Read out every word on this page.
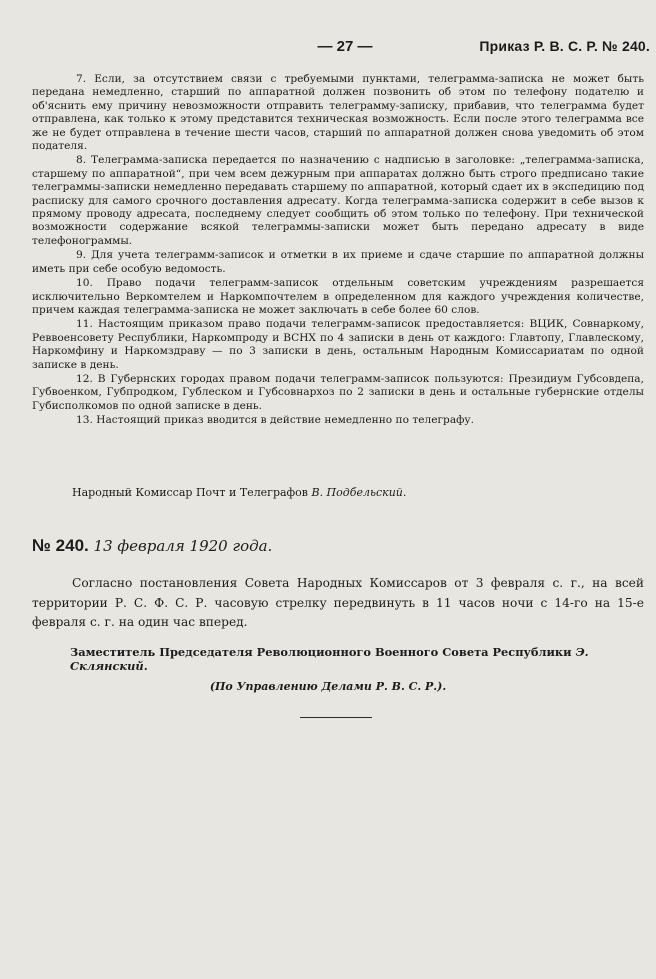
— 27 —	Приказ Р. В. С. Р. № 240.

7. Если, за отсутствием связи с требуемыми пунктами, телеграмма-записка не может быть передана немедленно, старший по аппаратной должен позвонить об этом по телефону подателю и об'яснить ему причину невозможности отправить телеграмму-записку, прибавив, что телеграмма будет отправлена, как только к этому представится техническая возможность. Если после этого телеграмма все же не будет отправлена в течение шести часов, старший по аппаратной должен снова уведомить об этом подателя.

8. Телеграмма-записка передается по назначению с надписью в заголовке: „телеграмма-записка, старшему по аппаратной“, при чем всем дежурным при аппаратах должно быть строго предписано такие телеграммы-записки немедленно передавать старшему по аппаратной, который сдает их в экспедицию под расписку для самого срочного доставления адресату. Когда телеграмма-записка содержит в себе вызов к прямому проводу адресата, последнему следует сообщить об этом только по телефону. При технической возможности содержание всякой телеграммы-записки может быть передано адресату в виде телефонограммы.

9. Для учета телеграмм-записок и отметки в их приеме и сдаче старшие по аппаратной должны иметь при себе особую ведомость.

10. Право подачи телеграмм-записок отдельным советским учреждениям разрешается исключительно Веркомтелем и Наркомпочтелем в определенном для каждого учреждения количестве, причем каждая телеграмма-записка не может заключать в себе более 60 слов.

11. Настоящим приказом право подачи телеграмм-записок предоставляется: ВЦИК, Совнаркому, Реввоенсовету Республики, Наркомпроду и ВСНХ по 4 записки в день от каждого: Главтопу, Главлескому, Наркомфину и Наркомздраву — по 3 записки в день, остальным Народным Комиссариатам по одной записке в день.

12. В Губернских городах правом подачи телеграмм-записок пользуются: Президиум Губсовдепа, Губвоенком, Губпродком, Гублеском и Губсовнархоз по 2 записки в день и остальные губернские отделы Губисполкомов по одной записке в день.

13. Настоящий приказ вводится в действие немедленно по телеграфу.

Народный Комиссар Почт и Телеграфов В. Подбельский.
№ 240. 13 февраля 1920 года.
Согласно постановления Совета Народных Комиссаров от 3 февраля с. г., на всей территории Р. С. Ф. С. Р. часовую стрелку передвинуть в 11 часов ночи с 14-го на 15-е февраля с. г. на один час вперед.
Заместитель Председателя Революционного Военного Совета Республики Э. Склянский.
(По Управлению Делами Р. В. С. Р.).
